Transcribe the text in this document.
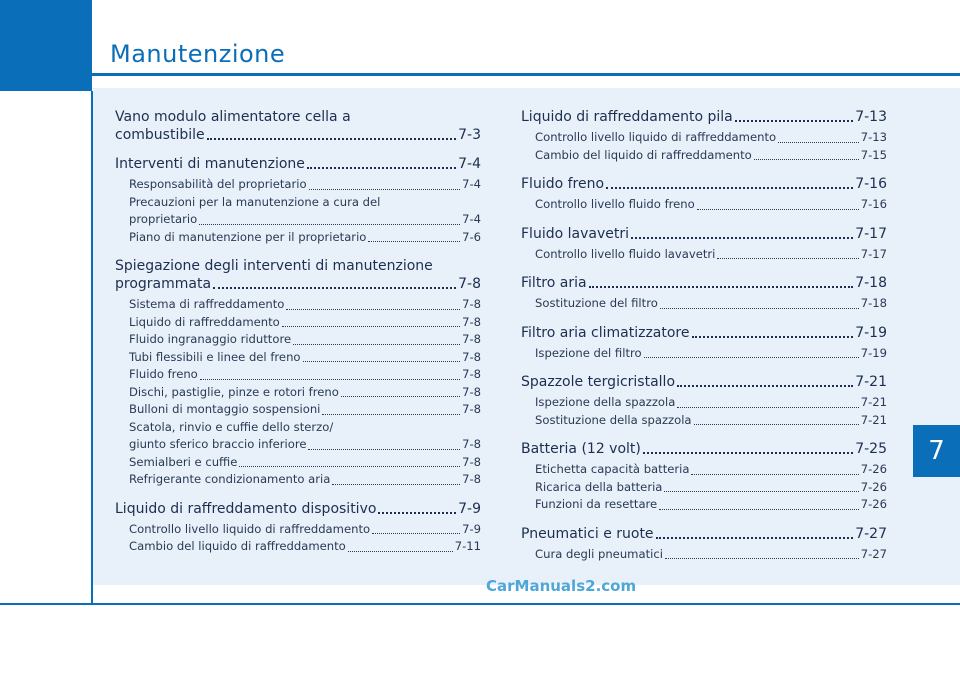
Manutenzione
7
Vano modulo alimentatore cella a
combustibile	7-3
Interventi di manutenzione	7-4
Responsabilità del proprietario	7-4
Precauzioni per la manutenzione a cura del
proprietario	7-4
Piano di manutenzione per il proprietario	7-6
Spiegazione degli interventi di manutenzione
programmata	7-8
Sistema di raffreddamento	7-8
Liquido di raffreddamento	7-8
Fluido ingranaggio riduttore	7-8
Tubi flessibili e linee del freno	7-8
Fluido freno	7-8
Dischi, pastiglie, pinze e rotori freno	7-8
Bulloni di montaggio sospensioni	7-8
Scatola, rinvio e cuffie dello sterzo/
giunto sferico braccio inferiore	7-8
Semialberi e cuffie	7-8
Refrigerante condizionamento aria	7-8
Liquido di raffreddamento dispositivo	7-9
Controllo livello liquido di raffreddamento	7-9
Cambio del liquido di raffreddamento	7-11
Liquido di raffreddamento pila	7-13
Controllo livello liquido di raffreddamento	7-13
Cambio del liquido di raffreddamento	7-15
Fluido freno	7-16
Controllo livello fluido freno	7-16
Fluido lavavetri	7-17
Controllo livello fluido lavavetri	7-17
Filtro aria	7-18
Sostituzione del filtro	7-18
Filtro aria climatizzatore	7-19
Ispezione del filtro	7-19
Spazzole tergicristallo	7-21
Ispezione della spazzola	7-21
Sostituzione della spazzola	7-21
Batteria (12 volt)	7-25
Etichetta capacità batteria	7-26
Ricarica della batteria	7-26
Funzioni da resettare	7-26
Pneumatici e ruote	7-27
Cura degli pneumatici	7-27
CarManuals2.com
